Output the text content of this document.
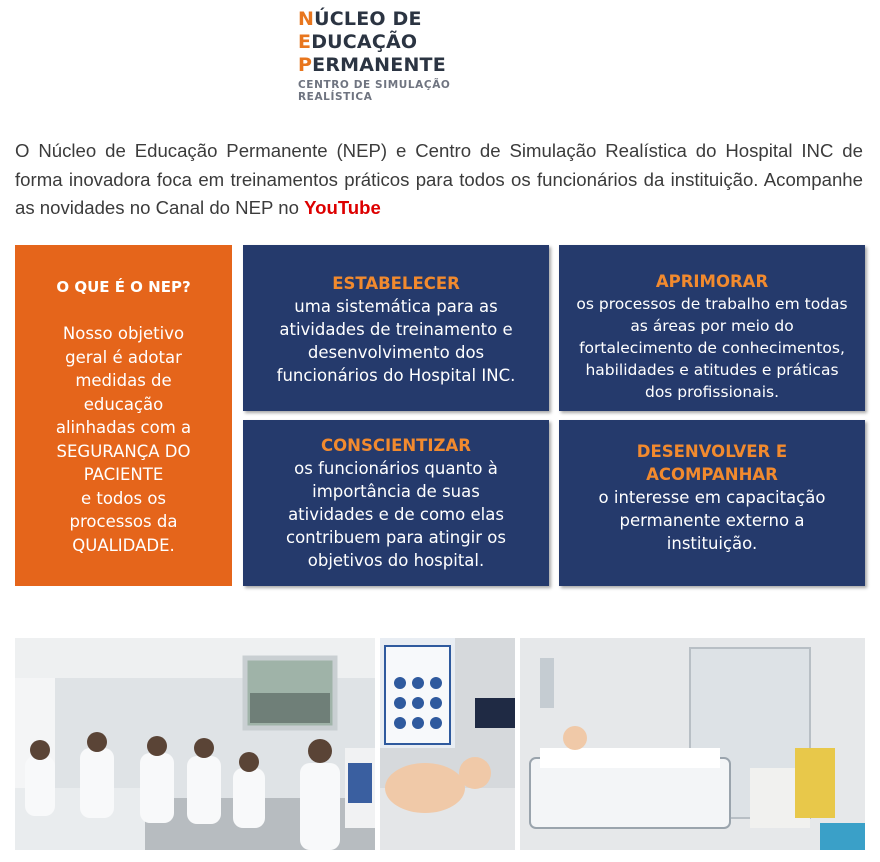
NÚCLEO DE
EDUCAÇÃO
PERMANENTE
CENTRO DE SIMULAÇÃO REALÍSTICA

O Núcleo de Educação Permanente (NEP) e Centro de Simulação Realística do Hospital INC de forma inovadora foca em treinamentos práticos para todos os funcionários da instituição. Acompanhe as novidades no Canal do NEP no YouTube

O QUE É O NEP?
Nosso objetivo
geral é adotar
medidas de
educação
alinhadas com a
SEGURANÇA DO
PACIENTE
e todos os
processos da
QUALIDADE.
ESTABELECER
uma sistemática para as
atividades de treinamento e
desenvolvimento dos
funcionários do Hospital INC.
APRIMORAR
os processos de trabalho em todas
as áreas por meio do
fortalecimento de conhecimentos,
habilidades e atitudes e práticas
dos profissionais.
CONSCIENTIZAR
os funcionários quanto à
importância de suas
atividades e de como elas
contribuem para atingir os
objetivos do hospital.
DESENVOLVER E
ACOMPANHAR
o interesse em capacitação
permanente externo a
instituição.
